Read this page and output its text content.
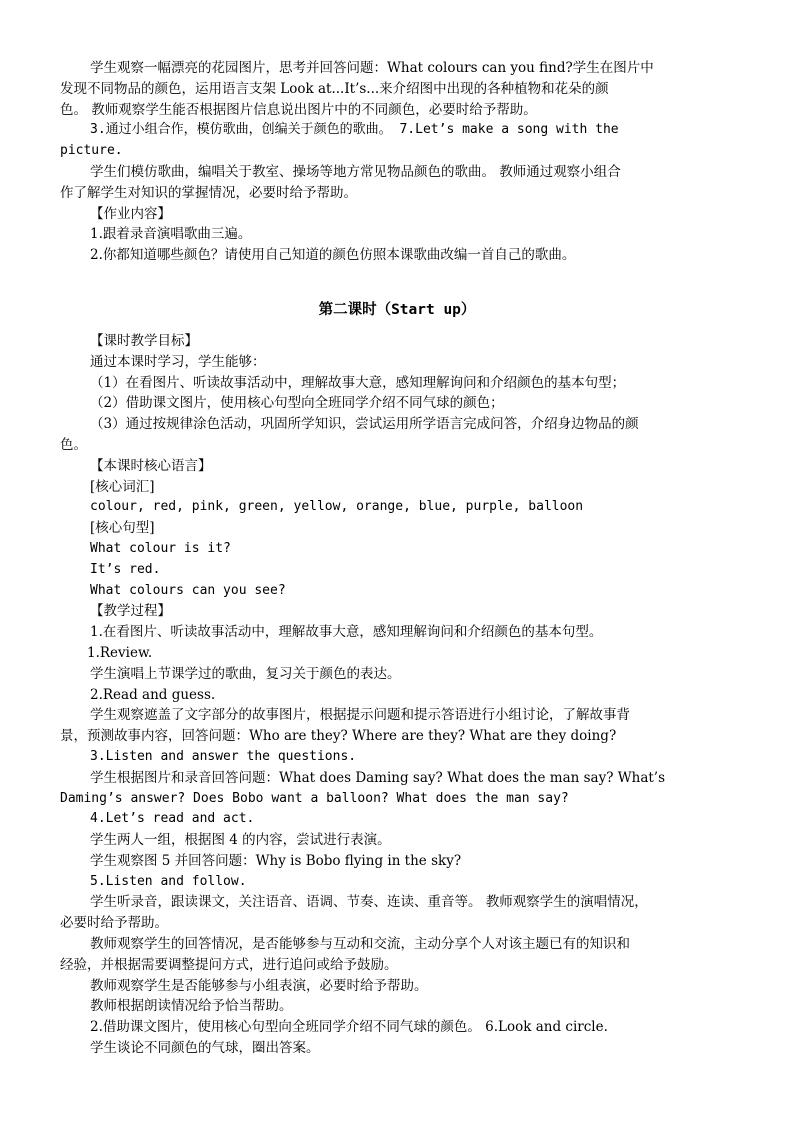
学生观察一幅漂亮的花园图片，思考并回答问题：What colours can you find?学生在图片中

发现不同物品的颜色，运用语言支架 Look at...It’s...来介绍图中出现的各种植物和花朵的颜

色。 教师观察学生能否根据图片信息说出图片中的不同颜色，必要时给予帮助。

3.通过小组合作，模仿歌曲，创编关于颜色的歌曲。 7.Let’s make a song with the

picture.

学生们模仿歌曲，编唱关于教室、操场等地方常见物品颜色的歌曲。 教师通过观察小组合

作了解学生对知识的掌握情况，必要时给予帮助。

【作业内容】

1.跟着录音演唱歌曲三遍。

2.你都知道哪些颜色？请使用自己知道的颜色仿照本课歌曲改编一首自己的歌曲。

第二课时（Start up）

【课时教学目标】

通过本课时学习，学生能够：

（1）在看图片、听读故事活动中，理解故事大意，感知理解询问和介绍颜色的基本句型；

（2）借助课文图片，使用核心句型向全班同学介绍不同气球的颜色；

（3）通过按规律涂色活动，巩固所学知识，尝试运用所学语言完成问答，介绍身边物品的颜

色。

【本课时核心语言】

[核心词汇]

colour, red, pink, green, yellow, orange, blue, purple, balloon

[核心句型]

What colour is it?

It’s red.

What colours can you see?

【教学过程】

1.在看图片、听读故事活动中，理解故事大意，感知理解询问和介绍颜色的基本句型。

1.Review.

学生演唱上节课学过的歌曲，复习关于颜色的表达。

2.Read and guess.

学生观察遮盖了文字部分的故事图片，根据提示问题和提示答语进行小组讨论，了解故事背

景，预测故事内容，回答问题：Who are they? Where are they? What are they doing?

3.Listen and answer the questions.

学生根据图片和录音回答问题：What does Daming say? What does the man say? What’s

Daming’s answer? Does Bobo want a balloon? What does the man say?

4.Let’s read and act.

学生两人一组，根据图 4 的内容，尝试进行表演。

学生观察图 5 并回答问题：Why is Bobo flying in the sky?

5.Listen and follow.

学生听录音，跟读课文，关注语音、语调、节奏、连读、重音等。 教师观察学生的演唱情况，

必要时给予帮助。

教师观察学生的回答情况，是否能够参与互动和交流，主动分享个人对该主题已有的知识和

经验，并根据需要调整提问方式，进行追问或给予鼓励。

教师观察学生是否能够参与小组表演，必要时给予帮助。

教师根据朗读情况给予恰当帮助。

2.借助课文图片，使用核心句型向全班同学介绍不同气球的颜色。 6.Look and circle.

学生谈论不同颜色的气球，圈出答案。
